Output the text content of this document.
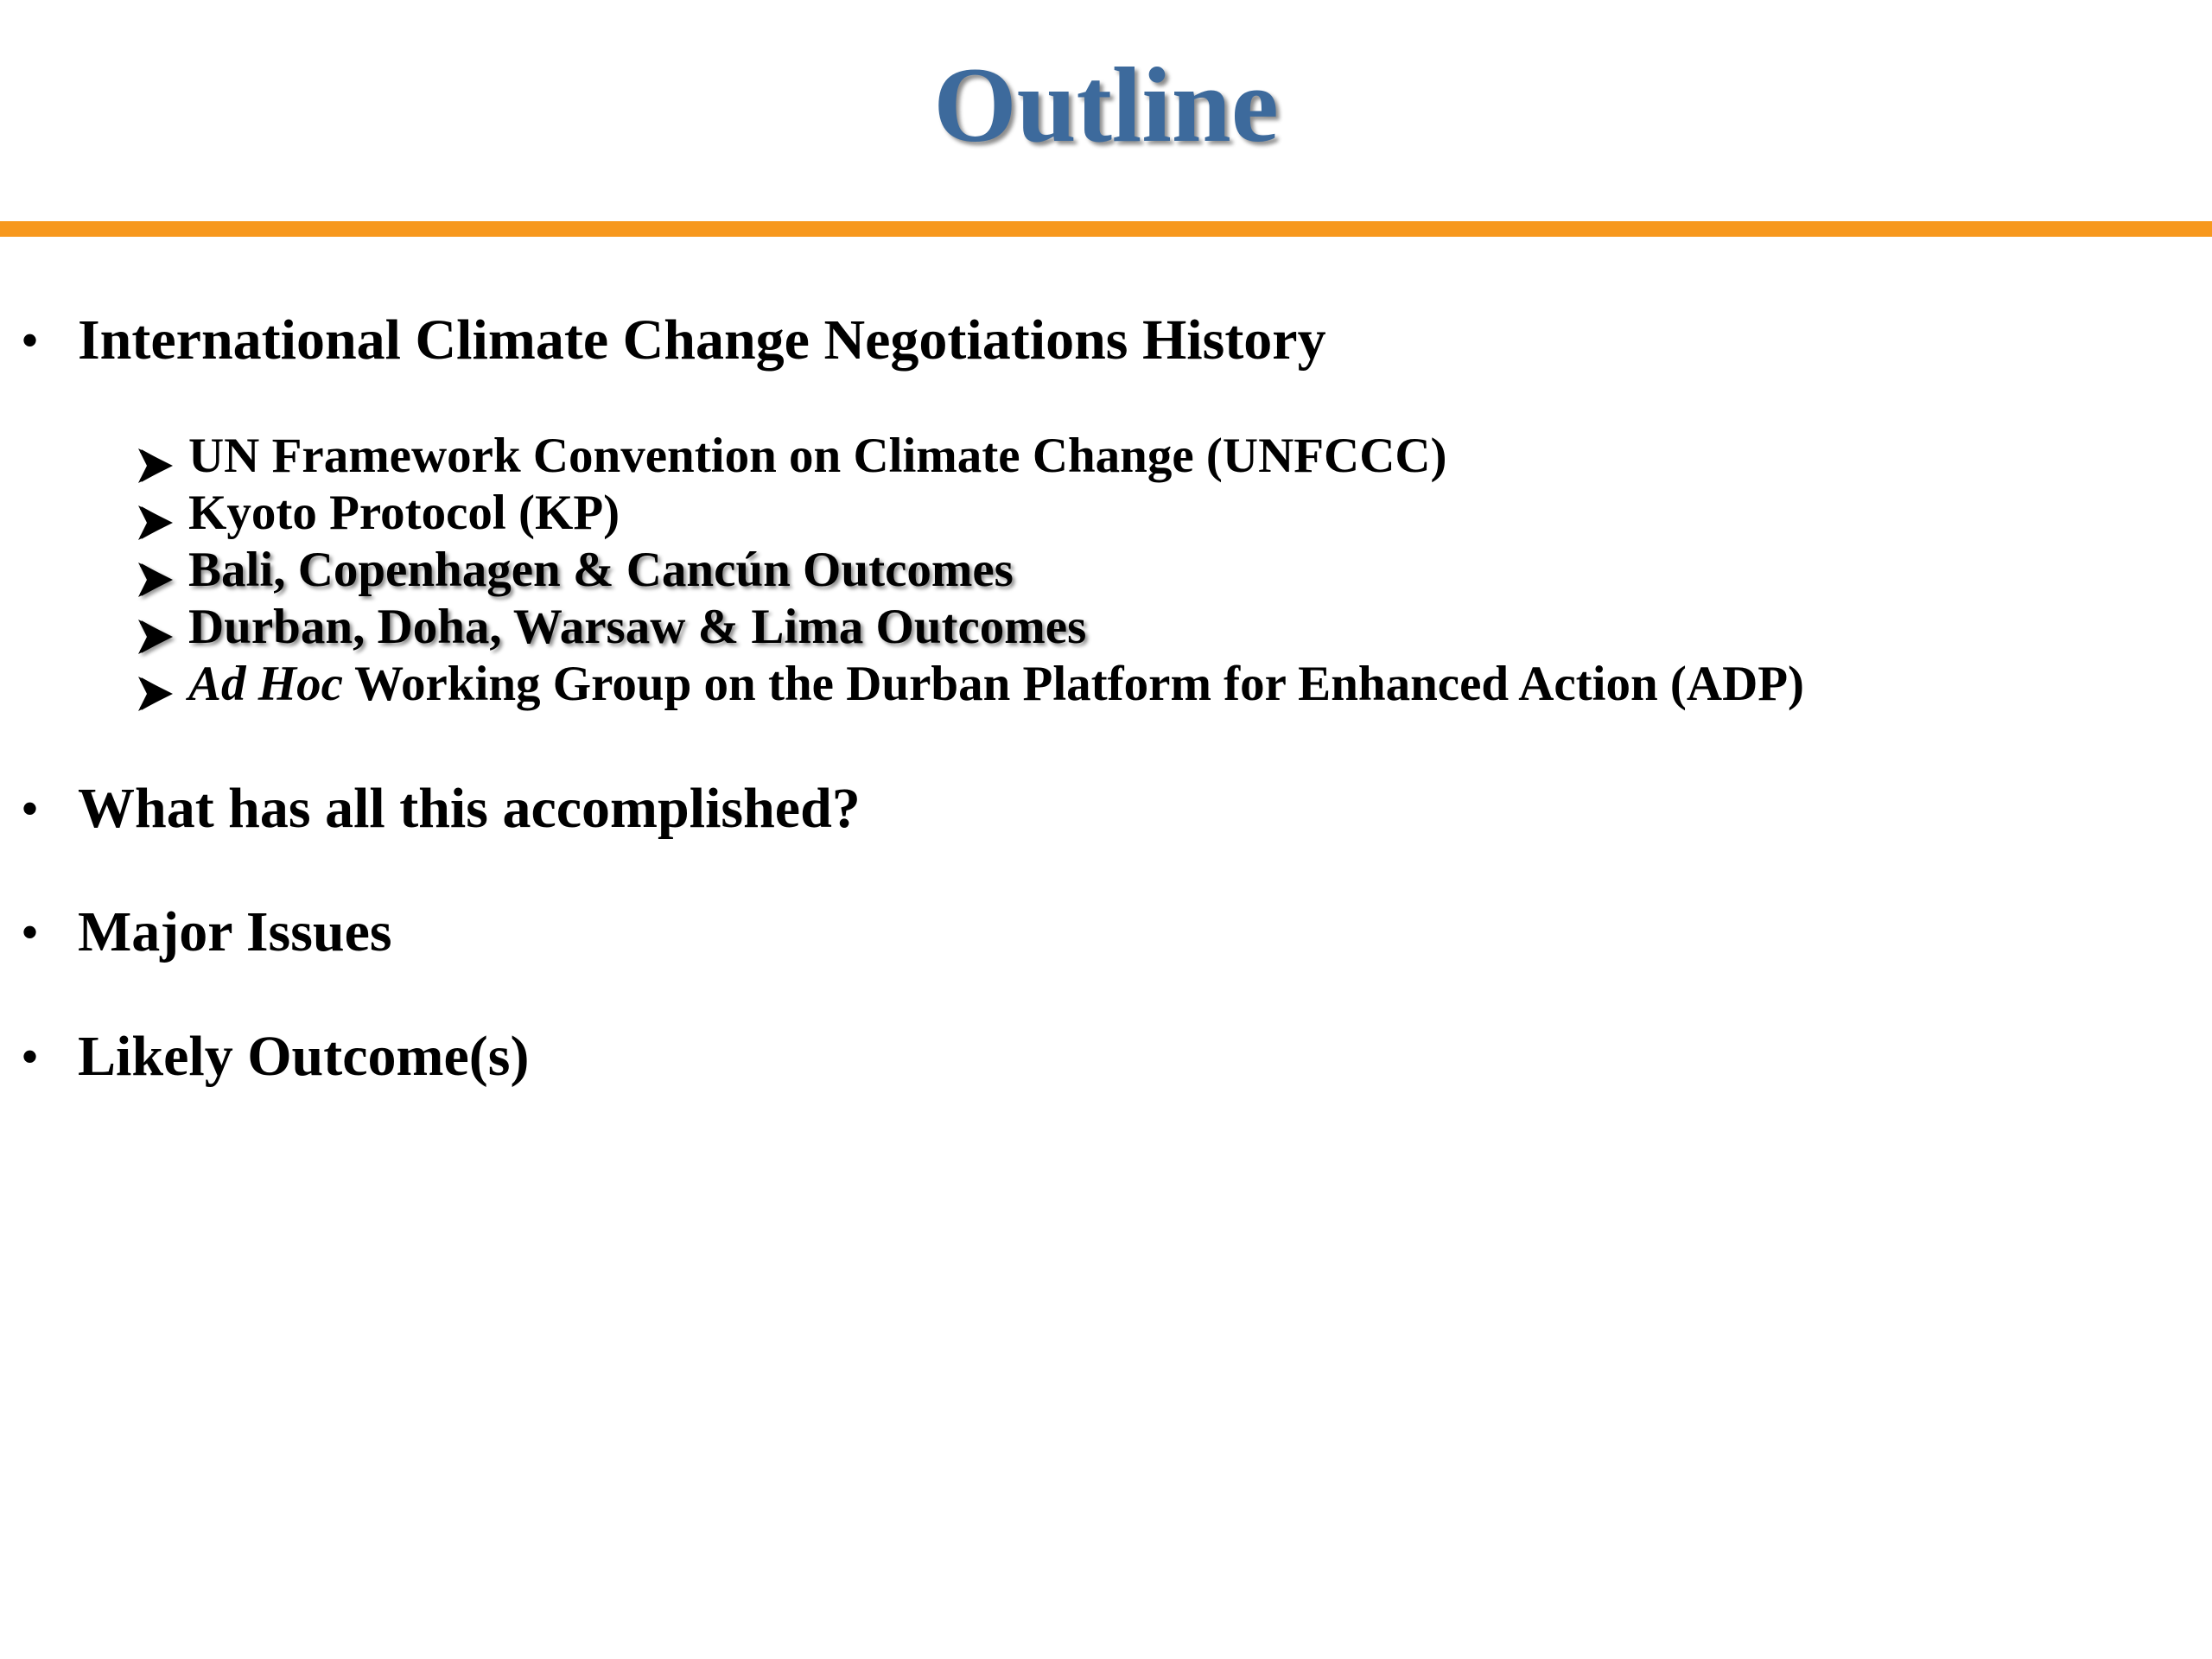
Outline
• International Climate Change Negotiations History
UN Framework Convention on Climate Change (UNFCCC)
Kyoto Protocol (KP)
Bali, Copenhagen & Cancún Outcomes
Durban, Doha, Warsaw & Lima Outcomes
Ad Hoc Working Group on the Durban Platform for Enhanced Action (ADP)
• What has all this accomplished?
• Major Issues
• Likely Outcome(s)
